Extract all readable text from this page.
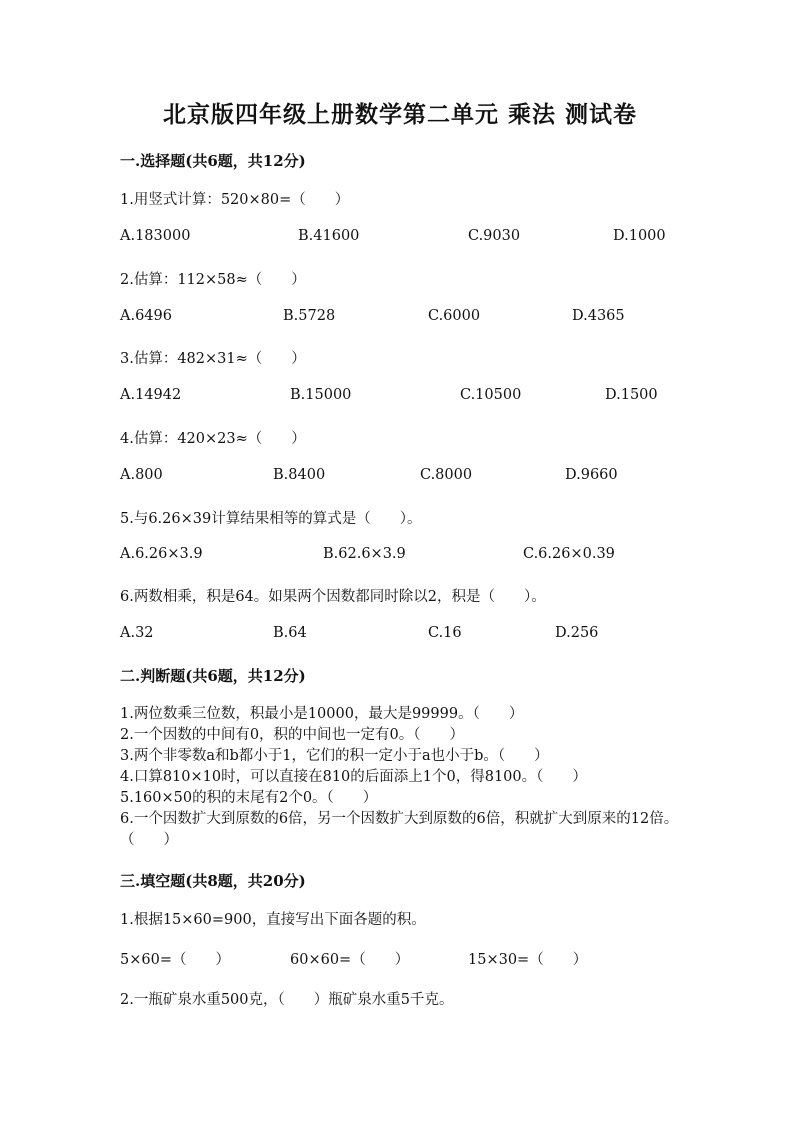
北京版四年级上册数学第二单元 乘法 测试卷
一.选择题(共6题，共12分)
1.用竖式计算：520×80=（　　）
A.183000	B.41600	C.9030	D.1000
2.估算：112×58≈（　　）
A.6496	B.5728	C.6000	D.4365
3.估算：482×31≈（　　）
A.14942	B.15000	C.10500	D.1500
4.估算：420×23≈（　　）
A.800	B.8400	C.8000	D.9660
5.与6.26×39计算结果相等的算式是（　　）。
A.6.26×3.9	B.62.6×3.9	C.6.26×0.39
6.两数相乘，积是64。如果两个因数都同时除以2，积是（　　）。
A.32	B.64	C.16	D.256
二.判断题(共6题，共12分)
1.两位数乘三位数，积最小是10000，最大是99999。（　　）
2.一个因数的中间有0，积的中间也一定有0。（　　）
3.两个非零数a和b都小于1，它们的积一定小于a也小于b。（　　）
4.口算810×10时，可以直接在810的后面添上1个0，得8100。（　　）
5.160×50的积的末尾有2个0。（　　）
6.一个因数扩大到原数的6倍，另一个因数扩大到原数的6倍，积就扩大到原来的12倍。（　　）
三.填空题(共8题，共20分)
1.根据15×60=900，直接写出下面各题的积。
5×60=（　　）	60×60=（　　）	15×30=（　　）
2.一瓶矿泉水重500克，（　　）瓶矿泉水重5千克。
